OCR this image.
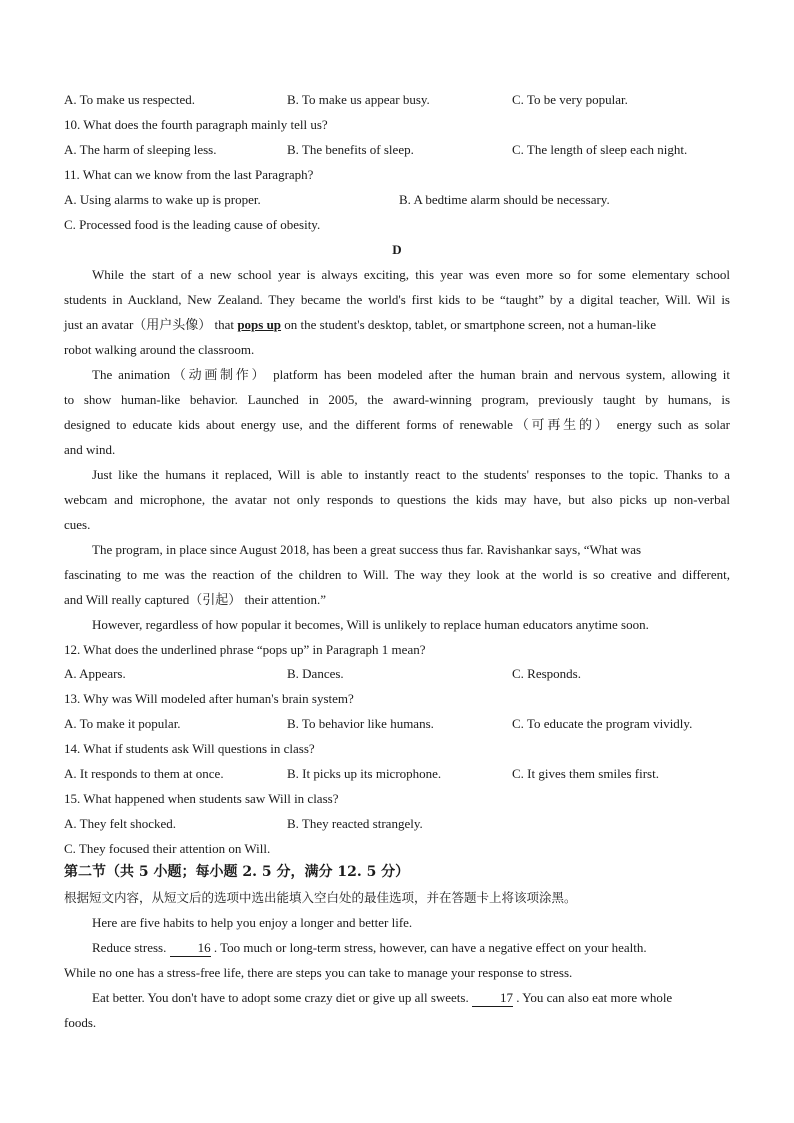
A. To make us respected.	B. To make us appear busy.	C. To be very popular.
10. What does the fourth paragraph mainly tell us?
A. The harm of sleeping less.	B. The benefits of sleep.	C. The length of sleep each night.
11. What can we know from the last Paragraph?
A. Using alarms to wake up is proper.	B. A bedtime alarm should be necessary.
C. Processed food is the leading cause of obesity.
D
While the start of a new school year is always exciting, this year was even more so for some elementary school
students in Auckland, New Zealand. They became the world's first kids to be “taught” by a digital teacher, Will. Wil is
just an avatar（用户头像） that pops up on the student's desktop, tablet, or smartphone screen, not a human-like
robot walking around the classroom.
The animation（动画制作） platform has been modeled after the human brain and nervous system, allowing it
to show human-like behavior. Launched in 2005, the award-winning program, previously taught by humans, is
designed to educate kids about energy use, and the different forms of renewable（可再生的） energy such as solar
and wind.
Just like the humans it replaced, Will is able to instantly react to the students' responses to the topic. Thanks to a
webcam and microphone, the avatar not only responds to questions the kids may have, but also picks up non-verbal
cues.
The program, in place since August 2018, has been a great success thus far. Ravishankar says, “What was
fascinating to me was the reaction of the children to Will. The way they look at the world is so creative and different,
and Will really captured（引起） their attention.”
However, regardless of how popular it becomes, Will is unlikely to replace human educators anytime soon.
12. What does the underlined phrase “pops up” in Paragraph 1 mean?
A. Appears.	B. Dances.	C. Responds.
13. Why was Will modeled after human's brain system?
A. To make it popular.	B. To behavior like humans.	C. To educate the program vividly.
14. What if students ask Will questions in class?
A. It responds to them at once.	B. It picks up its microphone.	C. It gives them smiles first.
15. What happened when students saw Will in class?
A. They felt shocked.	B. They reacted strangely.
C. They focused their attention on Will.
第二节（共 5 小题；每小题 2. 5 分，满分 12. 5 分）
根据短文内容，从短文后的选项中选出能填入空白处的最佳选项，并在答题卡上将该项涂黑。
Here are five habits to help you enjoy a longer and better life.
Reduce stress. 16 . Too much or long-term stress, however, can have a negative effect on your health.
While no one has a stress-free life, there are steps you can take to manage your response to stress.
Eat better. You don't have to adopt some crazy diet or give up all sweets. 17 . You can also eat more whole
foods.
